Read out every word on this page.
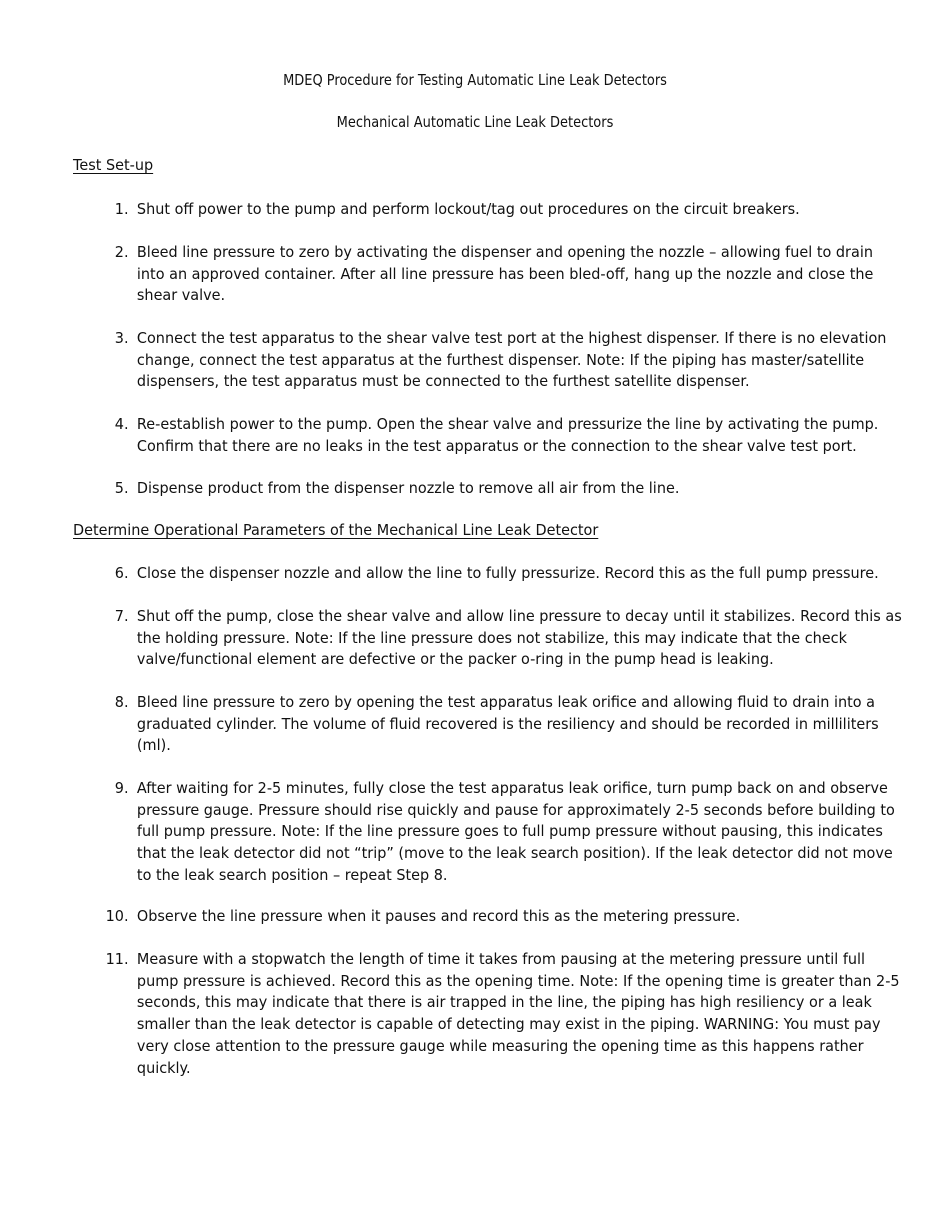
MDEQ Procedure for Testing Automatic Line Leak Detectors
Mechanical Automatic Line Leak Detectors
Test Set-up
1. Shut off power to the pump and perform lockout/tag out procedures on the circuit breakers.
2. Bleed line pressure to zero by activating the dispenser and opening the nozzle – allowing fuel to drain into an approved container. After all line pressure has been bled-off, hang up the nozzle and close the shear valve.
3. Connect the test apparatus to the shear valve test port at the highest dispenser. If there is no elevation change, connect the test apparatus at the furthest dispenser. Note: If the piping has master/satellite dispensers, the test apparatus must be connected to the furthest satellite dispenser.
4. Re-establish power to the pump. Open the shear valve and pressurize the line by activating the pump. Confirm that there are no leaks in the test apparatus or the connection to the shear valve test port.
5. Dispense product from the dispenser nozzle to remove all air from the line.
Determine Operational Parameters of the Mechanical Line Leak Detector
6. Close the dispenser nozzle and allow the line to fully pressurize. Record this as the full pump pressure.
7. Shut off the pump, close the shear valve and allow line pressure to decay until it stabilizes. Record this as the holding pressure. Note: If the line pressure does not stabilize, this may indicate that the check valve/functional element are defective or the packer o-ring in the pump head is leaking.
8. Bleed line pressure to zero by opening the test apparatus leak orifice and allowing fluid to drain into a graduated cylinder. The volume of fluid recovered is the resiliency and should be recorded in milliliters (ml).
9. After waiting for 2-5 minutes, fully close the test apparatus leak orifice, turn pump back on and observe pressure gauge. Pressure should rise quickly and pause for approximately 2-5 seconds before building to full pump pressure. Note: If the line pressure goes to full pump pressure without pausing, this indicates that the leak detector did not “trip” (move to the leak search position). If the leak detector did not move to the leak search position – repeat Step 8.
10. Observe the line pressure when it pauses and record this as the metering pressure.
11. Measure with a stopwatch the length of time it takes from pausing at the metering pressure until full pump pressure is achieved. Record this as the opening time. Note: If the opening time is greater than 2-5 seconds, this may indicate that there is air trapped in the line, the piping has high resiliency or a leak smaller than the leak detector is capable of detecting may exist in the piping. WARNING: You must pay very close attention to the pressure gauge while measuring the opening time as this happens rather quickly.
